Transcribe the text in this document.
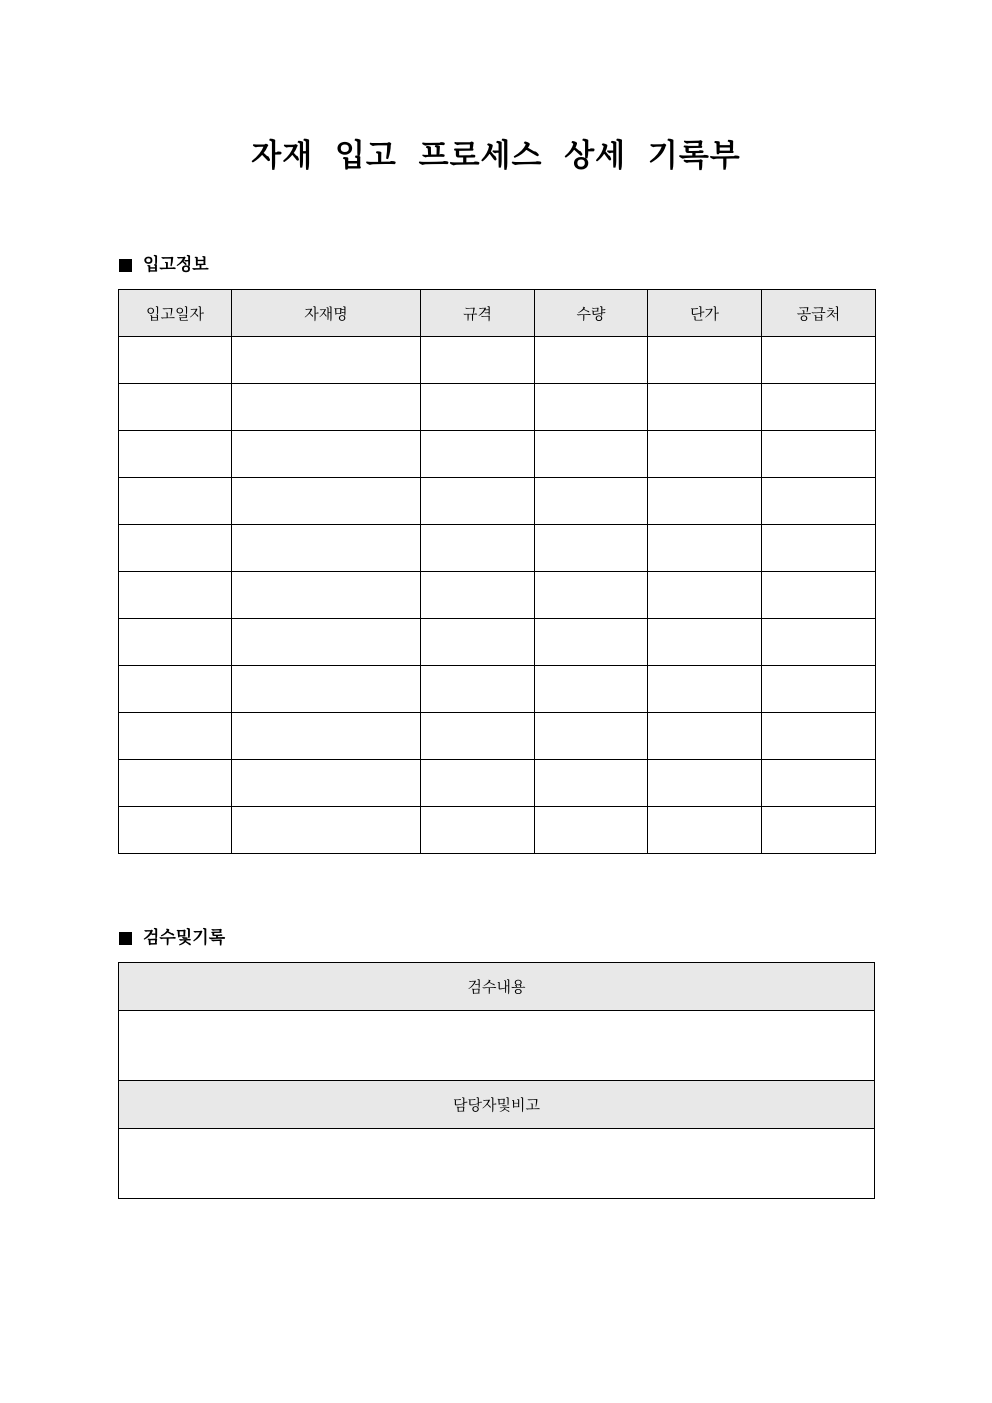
자재 입고 프로세스 상세 기록부
입고정보
입고일자	자재명	규격	수량	단가	공급처

검수및기록
검수내용

담당자및비고
